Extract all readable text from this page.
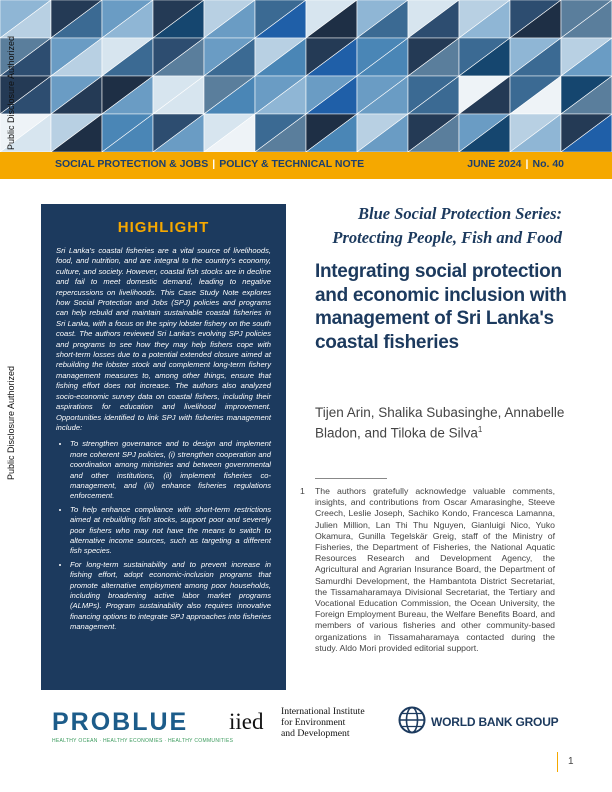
Public Disclosure Authorized
Public Disclosure Authorized
SOCIAL PROTECTION & JOBS | POLICY & TECHNICAL NOTE	JUNE 2024 | No. 40
HIGHLIGHT
Sri Lanka's coastal fisheries are a vital source of livelihoods, food, and nutrition, and are integral to the country's economy, culture, and society. However, coastal fish stocks are in decline and fail to meet domestic demand, leading to negative repercussions on livelihoods. This Case Study Note explores how Social Protection and Jobs (SPJ) policies and programs can help rebuild and maintain sustainable coastal fisheries in Sri Lanka, with a focus on the spiny lobster fishery on the south coast. The authors reviewed Sri Lanka's evolving SPJ policies and programs to see how they may help fishers cope with short-term losses due to a potential extended closure aimed at rebuilding the lobster stock and complement long-term fishery management measures to, among other things, ensure that fishing effort does not increase. The authors also analyzed socio-economic survey data on coastal fishers, including their aspirations for education and livelihood improvement. Opportunities identified to link SPJ with fisheries management include:
• To strengthen governance and to design and implement more coherent SPJ policies, (i) strengthen cooperation and coordination among ministries and between governmental and other institutions, (ii) implement fisheries co-management, and (iii) enhance fisheries regulations enforcement.
• To help enhance compliance with short-term restrictions aimed at rebuilding fish stocks, support poor and severely poor fishers who may not have the means to switch to alternative income sources, such as targeting a different fish species.
• For long-term sustainability and to prevent increase in fishing effort, adopt economic-inclusion programs that promote alternative employment among poor households, including broadening active labor market programs (ALMPs). Program sustainability also requires innovative financing options to integrate SPJ approaches into fisheries management.
Blue Social Protection Series:
Protecting People, Fish and Food
Integrating social protection and economic inclusion with management of Sri Lanka's coastal fisheries
Tijen Arin, Shalika Subasinghe, Annabelle Bladon, and Tiloka de Silva$^1$
1 The authors gratefully acknowledge valuable comments, insights, and contributions from Oscar Amarasinghe, Steeve Creech, Leslie Joseph, Sachiko Kondo, Francesca Lamanna, Julien Million, Lan Thi Thu Nguyen, Gianluigi Nico, Yuko Okamura, Gunilla Tegelskär Greig, staff of the Ministry of Fisheries, the Department of Fisheries, the National Aquatic Resources Research and Development Agency, the Agricultural and Agrarian Insurance Board, the Department of Samurdhi Development, the Hambantota District Secretariat, the Tissamaharamaya Divisional Secretariat, the Tertiary and Vocational Education Commission, the Ocean University, the Foreign Employment Bureau, the Welfare Benefits Board, and members of various fisheries and other community-based organizations in Tissamaharamaya contacted during the study. Aldo Mori provided editorial support.
PROBLUE
HEALTHY OCEAN · HEALTHY ECONOMIES · HEALTHY COMMUNITIES
iied International Institute
for Environment
and Development
WORLD BANK GROUP
1
